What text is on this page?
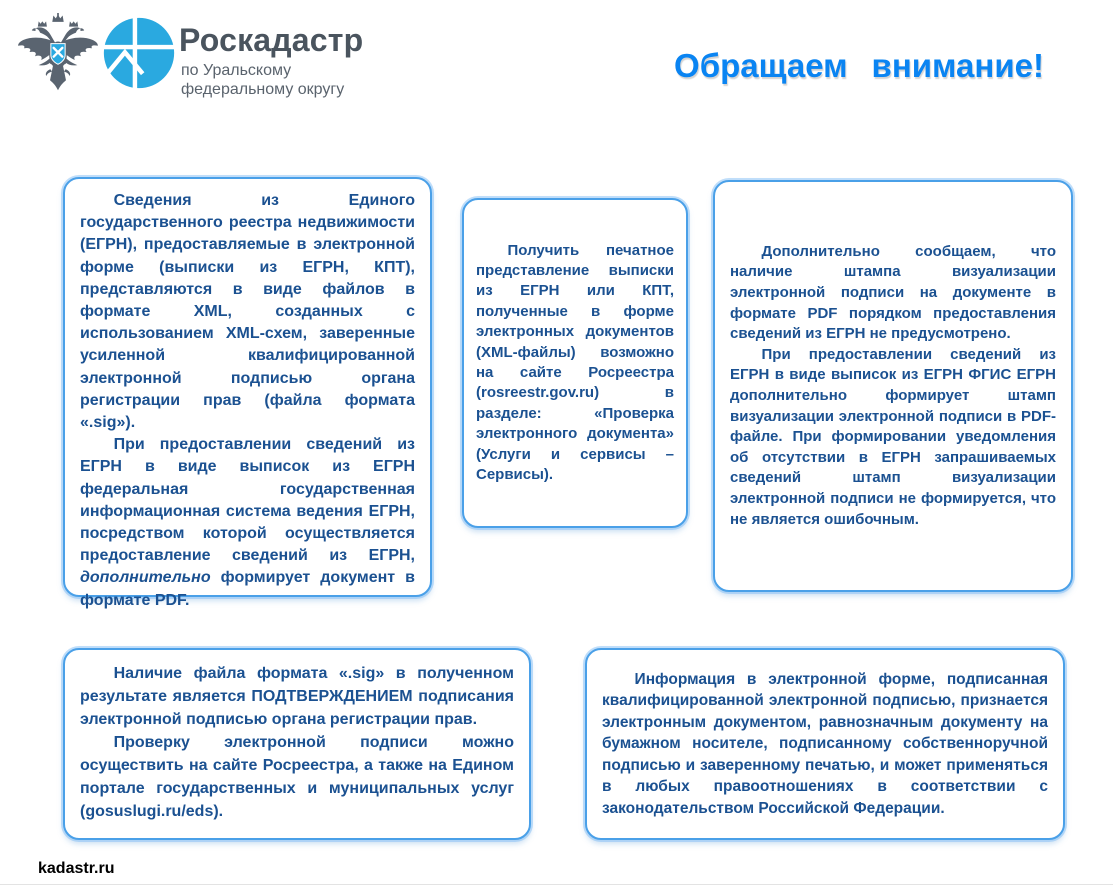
Роскадастр
по Уральскому
федеральному округу
Обращаем внимание!

Сведения из Единого государственного реестра недвижимости (ЕГРН), предоставляемые в электронной форме (выписки из ЕГРН, КПТ), представляются в виде файлов в формате XML, созданных с использованием XML-схем, заверенные усиленной квалифицированной электронной подписью органа регистрации прав (файла формата «.sig»).

При предоставлении сведений из ЕГРН в виде выписок из ЕГРН федеральная государственная информационная система ведения ЕГРН, посредством которой осуществляется предоставление сведений из ЕГРН, дополнительно формирует документ в формате PDF.

Получить печатное представление выписки из ЕГРН или КПТ, полученные в форме электронных документов (XML-файлы) возможно на сайте Росреестра (rosreestr.gov.ru) в разделе: «Проверка электронного документа» (Услуги и сервисы – Сервисы).

Дополнительно сообщаем, что наличие штампа визуализации электронной подписи на документе в формате PDF порядком предоставления сведений из ЕГРН не предусмотрено.

При предоставлении сведений из ЕГРН в виде выписок из ЕГРН ФГИС ЕГРН дополнительно формирует штамп визуализации электронной подписи в PDF-файле. При формировании уведомления об отсутствии в ЕГРН запрашиваемых сведений штамп визуализации электронной подписи не формируется, что не является ошибочным.

Наличие файла формата «.sig» в полученном результате является ПОДТВЕРЖДЕНИЕМ подписания электронной подписью органа регистрации прав.

Проверку электронной подписи можно осуществить на сайте Росреестра, а также на Едином портале государственных и муниципальных услуг (gosuslugi.ru/eds).

Информация в электронной форме, подписанная квалифицированной электронной подписью, признается электронным документом, равнозначным документу на бумажном носителе, подписанному собственноручной подписью и заверенному печатью, и может применяться в любых правоотношениях в соответствии с законодательством Российской Федерации.

kadastr.ru
